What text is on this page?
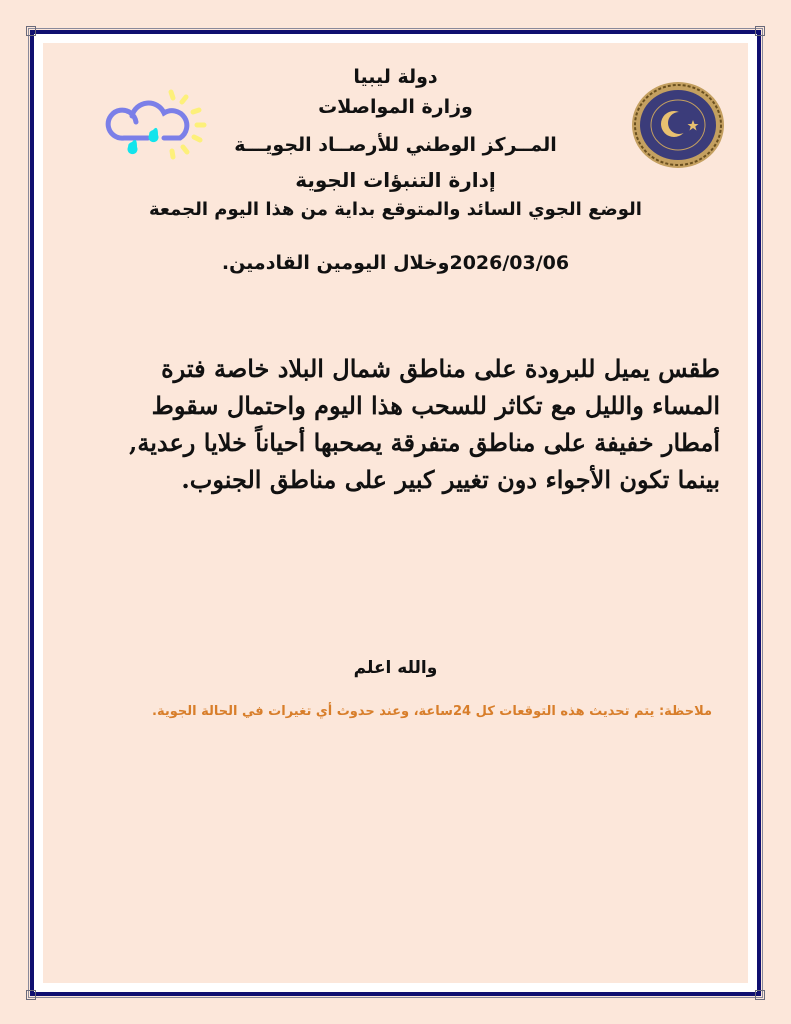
دولة ليبيا
وزارة المواصلات
المــركز الوطني للأرصــاد الجويـــة
إدارة التنبؤات الجوية
الوضع الجوي السائد والمتوقع بداية من هذا اليوم الجمعة
2026/03/06وخلال اليومين القادمين.
طقس يميل للبرودة على مناطق شمال البلاد خاصة فترة المساء والليل مع تكاثر للسحب هذا اليوم واحتمال سقوط أمطار خفيفة على مناطق متفرقة يصحبها أحياناً خلايا رعدية, بينما تكون الأجواء دون تغيير كبير على مناطق الجنوب.
والله اعلم
ملاحظة: يتم تحديث هذه التوقعات كل 24ساعة، وعند حدوث أي تغيرات في الحالة الجوية.
